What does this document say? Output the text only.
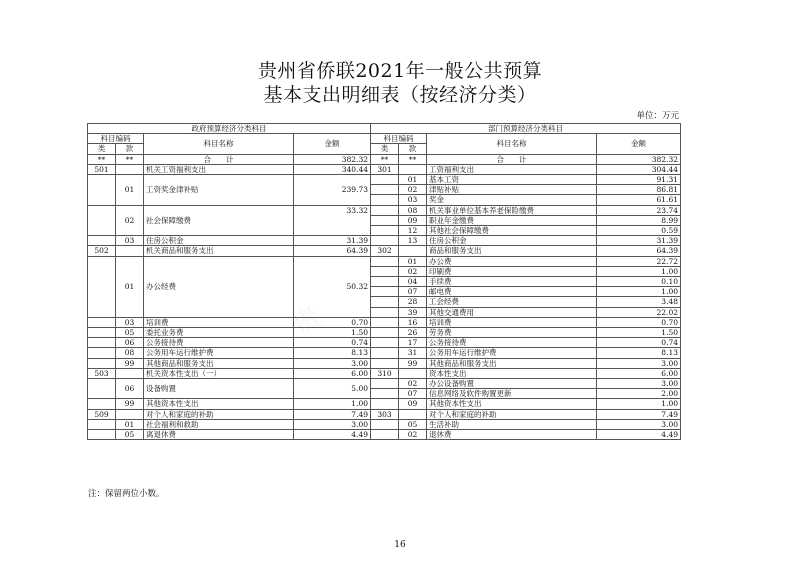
贵州省侨联2021年一般公共预算
基本支出明细表（按经济分类）
单位：万元
政府预算经济分类科目				部门预算经济分类科目			
科目编码		科目名称	金额	科目编码		科目名称	金额
类	款			类	款		
**	**	合　　计	382.32	**	**	合　　计	382.32
501		机关工资福利支出	340.44	301		工资福利支出	304.44
	01	工资奖金津补贴	239.73		01	基本工资	91.31
					02	津贴补贴	86.81
					03	奖金	61.61
	02	社会保障缴费	33.32		08	机关事业单位基本养老保险缴费	23.74
					09	职业年金缴费	8.99
					12	其他社会保障缴费	0.59
	03	住房公积金	31.39		13	住房公积金	31.39
502		机关商品和服务支出	64.39	302		商品和服务支出	64.39
	01	办公经费	50.32		01	办公费	22.72
					02	印刷费	1.00
					04	手续费	0.10
					07	邮电费	1.00
					28	工会经费	3.48
					39	其他交通费用	22.02
	03	培训费	0.70		16	培训费	0.70
	05	委托业务费	1.50		26	劳务费	1.50
	06	公务接待费	0.74		17	公务接待费	0.74
	08	公务用车运行维护费	8.13		31	公务用车运行维护费	8.13
	99	其他商品和服务支出	3.00		99	其他商品和服务支出	3.00
503		机关资本性支出（一）	6.00	310		资本性支出	6.00
	06	设备购置	5.00		02	办公设备购置	3.00
					07	信息网络及软件购置更新	2.00
	99	其他资本性支出	1.00		09	其他资本性支出	1.00
509		对个人和家庭的补助	7.49	303		对个人和家庭的补助	7.49
	01	社会福利和救助	3.00		05	生活补助	3.00
	05	离退休费	4.49		02	退休费	4.49
注：保留两位小数。
16
